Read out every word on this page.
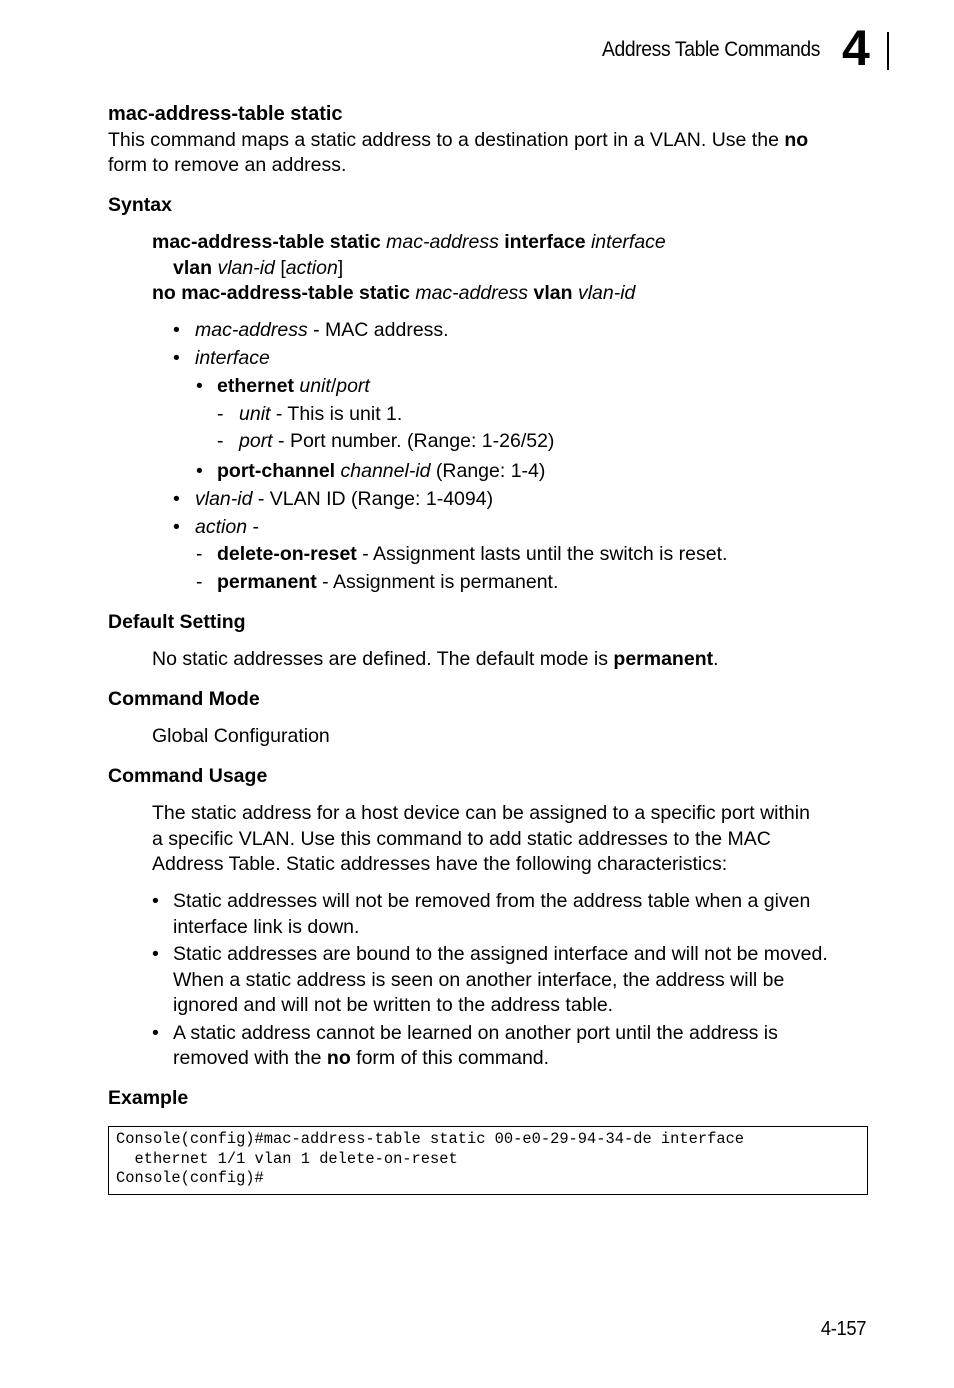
Address Table Commands 4
mac-address-table static
This command maps a static address to a destination port in a VLAN. Use the no
form to remove an address.
Syntax
mac-address-table static mac-address interface interface
vlan vlan-id [action]
no mac-address-table static mac-address vlan vlan-id
• mac-address - MAC address.
• interface
• ethernet unit/port
- unit - This is unit 1.
- port - Port number. (Range: 1-26/52)
• port-channel channel-id (Range: 1-4)
• vlan-id - VLAN ID (Range: 1-4094)
• action -
- delete-on-reset - Assignment lasts until the switch is reset.
- permanent - Assignment is permanent.
Default Setting
No static addresses are defined. The default mode is permanent.
Command Mode
Global Configuration
Command Usage
The static address for a host device can be assigned to a specific port within
a specific VLAN. Use this command to add static addresses to the MAC
Address Table. Static addresses have the following characteristics:
• Static addresses will not be removed from the address table when a given
interface link is down.
• Static addresses are bound to the assigned interface and will not be moved.
When a static address is seen on another interface, the address will be
ignored and will not be written to the address table.
• A static address cannot be learned on another port until the address is
removed with the no form of this command.
Example
Console(config)#mac-address-table static 00-e0-29-94-34-de interface
ethernet 1/1 vlan 1 delete-on-reset
Console(config)#
4-157
